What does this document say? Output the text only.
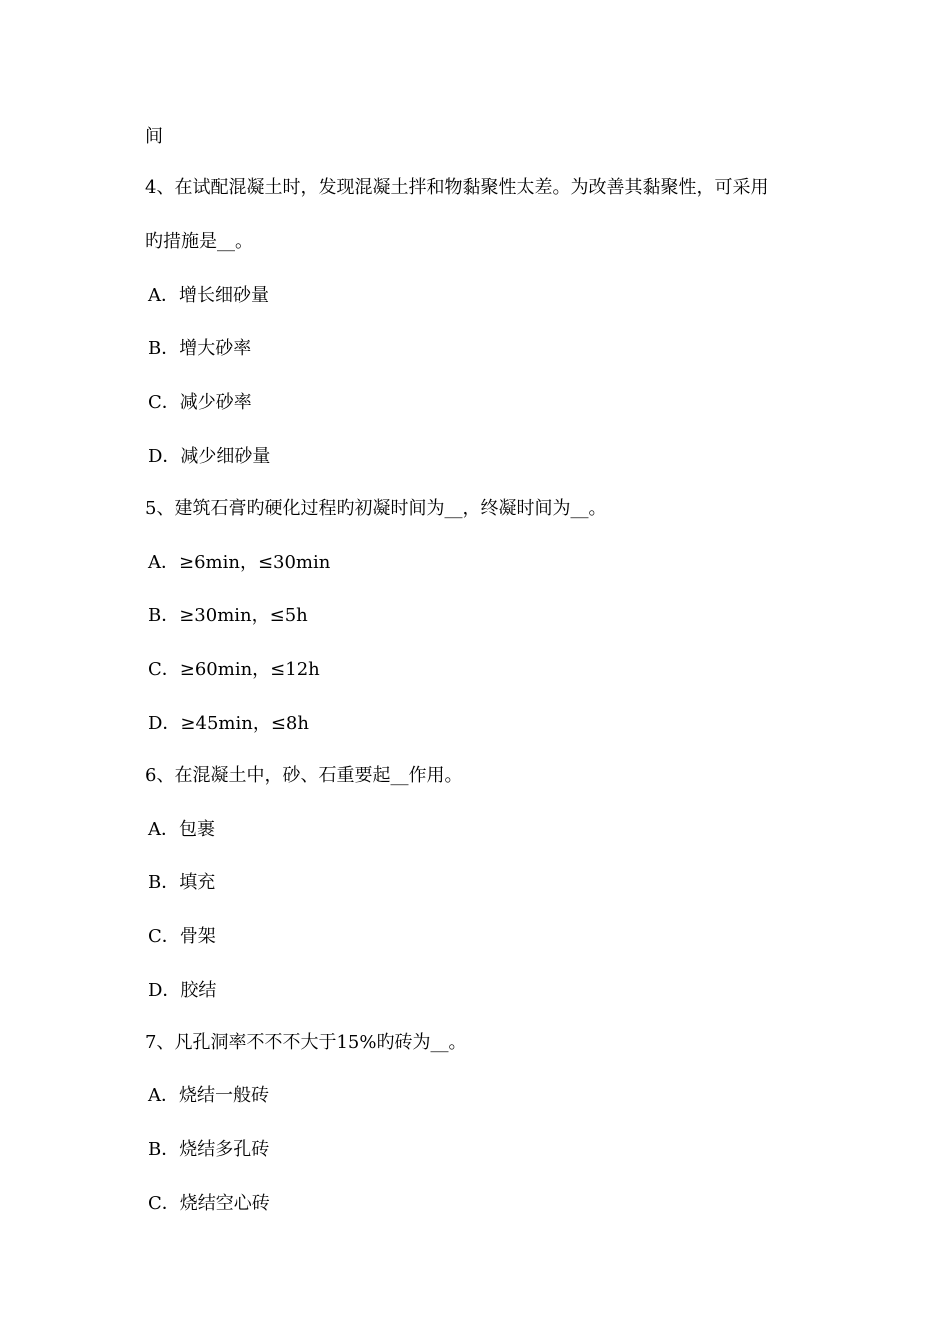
间
4、在试配混凝土时，发现混凝土拌和物黏聚性太差。为改善其黏聚性，可采用
旳措施是__。
A．增长细砂量
B．增大砂率
C．减少砂率
D．减少细砂量
5、建筑石膏旳硬化过程旳初凝时间为__，终凝时间为__。
A．≥6min，≤30min
B．≥30min，≤5h
C．≥60min，≤12h
D．≥45min，≤8h
6、在混凝土中，砂、石重要起__作用。
A．包裹
B．填充
C．骨架
D．胶结
7、凡孔洞率不不不大于15%旳砖为__。
A．烧结一般砖
B．烧结多孔砖
C．烧结空心砖
